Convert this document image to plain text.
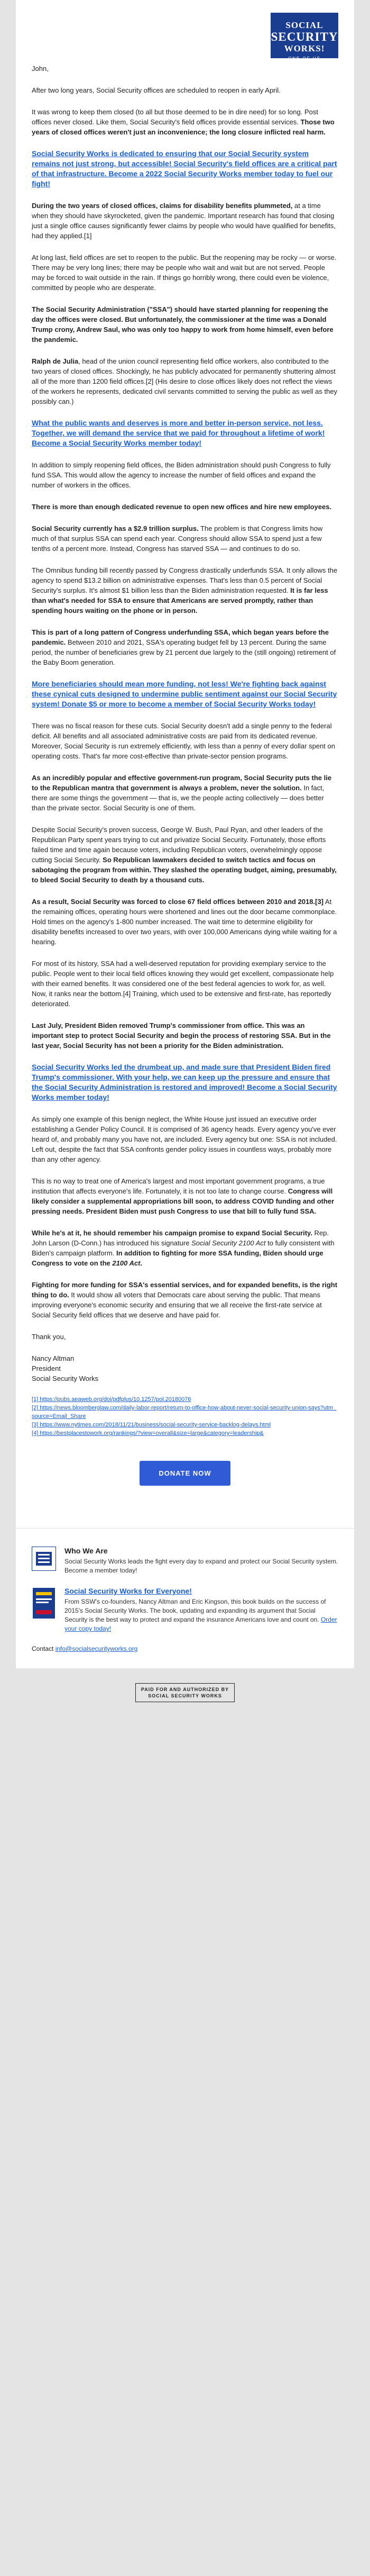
SOCIAL
SECURITY
WORKS!
ONE OF US

John,

After two long years, Social Security offices are scheduled to reopen in early April.

It was wrong to keep them closed (to all but those deemed to be in dire need) for so long. Post offices never closed. Like them, Social Security's field offices provide essential services. Those two years of closed offices weren't just an inconvenience; the long closure inflicted real harm.

Social Security Works is dedicated to ensuring that our Social Security system remains not just strong, but accessible! Social Security's field offices are a critical part of that infrastructure. Become a 2022 Social Security Works member today to fuel our fight!

During the two years of closed offices, claims for disability benefits plummeted, at a time when they should have skyrocketed, given the pandemic. Important research has found that closing just a single office causes significantly fewer claims by people who would have qualified for benefits, had they applied.[1]

At long last, field offices are set to reopen to the public. But the reopening may be rocky — or worse. There may be very long lines; there may be people who wait and wait but are not served. People may be forced to wait outside in the rain. If things go horribly wrong, there could even be violence, committed by people who are desperate.

The Social Security Administration ("SSA") should have started planning for reopening the day the offices were closed. But unfortunately, the commissioner at the time was a Donald Trump crony, Andrew Saul, who was only too happy to work from home himself, even before the pandemic.

Ralph de Julia, head of the union council representing field office workers, also contributed to the two years of closed offices. Shockingly, he has publicly advocated for permanently shuttering almost all of the more than 1200 field offices.[2] (His desire to close offices likely does not reflect the views of the workers he represents, dedicated civil servants committed to serving the public as well as they possibly can.)

What the public wants and deserves is more and better in-person service, not less. Together, we will demand the service that we paid for throughout a lifetime of work! Become a Social Security Works member today!

In addition to simply reopening field offices, the Biden administration should push Congress to fully fund SSA. This would allow the agency to increase the number of field offices and expand the number of workers in the offices.

There is more than enough dedicated revenue to open new offices and hire new employees.

Social Security currently has a $2.9 trillion surplus. The problem is that Congress limits how much of that surplus SSA can spend each year. Congress should allow SSA to spend just a few tenths of a percent more. Instead, Congress has starved SSA — and continues to do so.

The Omnibus funding bill recently passed by Congress drastically underfunds SSA. It only allows the agency to spend $13.2 billion on administrative expenses. That's less than 0.5 percent of Social Security's surplus. It's almost $1 billion less than the Biden administration requested. It is far less than what's needed for SSA to ensure that Americans are served promptly, rather than spending hours waiting on the phone or in person.

This is part of a long pattern of Congress underfunding SSA, which began years before the pandemic. Between 2010 and 2021, SSA's operating budget fell by 13 percent. During the same period, the number of beneficiaries grew by 21 percent due largely to the (still ongoing) retirement of the Baby Boom generation.

More beneficiaries should mean more funding, not less! We're fighting back against these cynical cuts designed to undermine public sentiment against our Social Security system! Donate $5 or more to become a member of Social Security Works today!

There was no fiscal reason for these cuts. Social Security doesn't add a single penny to the federal deficit. All benefits and all associated administrative costs are paid from its dedicated revenue. Moreover, Social Security is run extremely efficiently, with less than a penny of every dollar spent on operating costs. That's far more cost-effective than private-sector pension programs.

As an incredibly popular and effective government-run program, Social Security puts the lie to the Republican mantra that government is always a problem, never the solution. In fact, there are some things the government — that is, we the people acting collectively — does better than the private sector. Social Security is one of them.

Despite Social Security's proven success, George W. Bush, Paul Ryan, and other leaders of the Republican Party spent years trying to cut and privatize Social Security. Fortunately, those efforts failed time and time again because voters, including Republican voters, overwhelmingly oppose cutting Social Security. So Republican lawmakers decided to switch tactics and focus on sabotaging the program from within. They slashed the operating budget, aiming, presumably, to bleed Social Security to death by a thousand cuts.

As a result, Social Security was forced to close 67 field offices between 2010 and 2018.[3] At the remaining offices, operating hours were shortened and lines out the door became commonplace. Hold times on the agency's 1-800 number increased. The wait time to determine eligibility for disability benefits increased to over two years, with over 100,000 Americans dying while waiting for a hearing.

For most of its history, SSA had a well-deserved reputation for providing exemplary service to the public. People went to their local field offices knowing they would get excellent, compassionate help with their earned benefits. It was considered one of the best federal agencies to work for, as well. Now, it ranks near the bottom.[4] Training, which used to be extensive and first-rate, has reportedly deteriorated.

Last July, President Biden removed Trump's commissioner from office. This was an important step to protect Social Security and begin the process of restoring SSA. But in the last year, Social Security has not been a priority for the Biden administration.

Social Security Works led the drumbeat up, and made sure that President Biden fired Trump's commissioner. With your help, we can keep up the pressure and ensure that the Social Security Administration is restored and improved! Become a Social Security Works member today!

As simply one example of this benign neglect, the White House just issued an executive order establishing a Gender Policy Council. It is comprised of 36 agency heads. Every agency you've ever heard of, and probably many you have not, are included. Every agency but one: SSA is not included. Left out, despite the fact that SSA confronts gender policy issues in countless ways, probably more than any other agency.

This is no way to treat one of America's largest and most important government programs, a true institution that affects everyone's life. Fortunately, it is not too late to change course. Congress will likely consider a supplemental appropriations bill soon, to address COVID funding and other pressing needs. President Biden must push Congress to use that bill to fully fund SSA.

While he's at it, he should remember his campaign promise to expand Social Security. Rep. John Larson (D-Conn.) has introduced his signature Social Security 2100 Act to fully consistent with Biden's campaign platform. In addition to fighting for more SSA funding, Biden should urge Congress to vote on the 2100 Act.

Fighting for more funding for SSA's essential services, and for expanded benefits, is the right thing to do. It would show all voters that Democrats care about serving the public. That means improving everyone's economic security and ensuring that we all receive the first-rate service at Social Security field offices that we deserve and have paid for.

Thank you,

Nancy Altman
President
Social Security Works

[1] https://pubs.aeaweb.org/doi/pdfplus/10.1257/pol.20180076

[2] https://news.bloomberglaw.com/daily-labor-report/return-to-office-how-about-never-social-security-union-says?utm_source=Email_Share

[3] https://www.nytimes.com/2018/11/21/business/social-security-service-backlog-delays.html

[4] https://bestplacestowork.org/rankings/?view=overall&size=large&category=leadership&

DONATE NOW
Who We Are
Social Security Works leads the fight every day to expand and protect our Social Security system. Become a member today!
Social Security Works for Everyone!
From SSW's co-founders, Nancy Altman and Eric Kingson, this book builds on the success of 2015's Social Security Works. The book, updating and expanding its argument that Social Security is the best way to protect and expand the insurance Americans love and count on. Order your copy today!

Contact info@socialsecurityworks.org

PAID FOR AND AUTHORIZED BY
SOCIAL SECURITY WORKS
